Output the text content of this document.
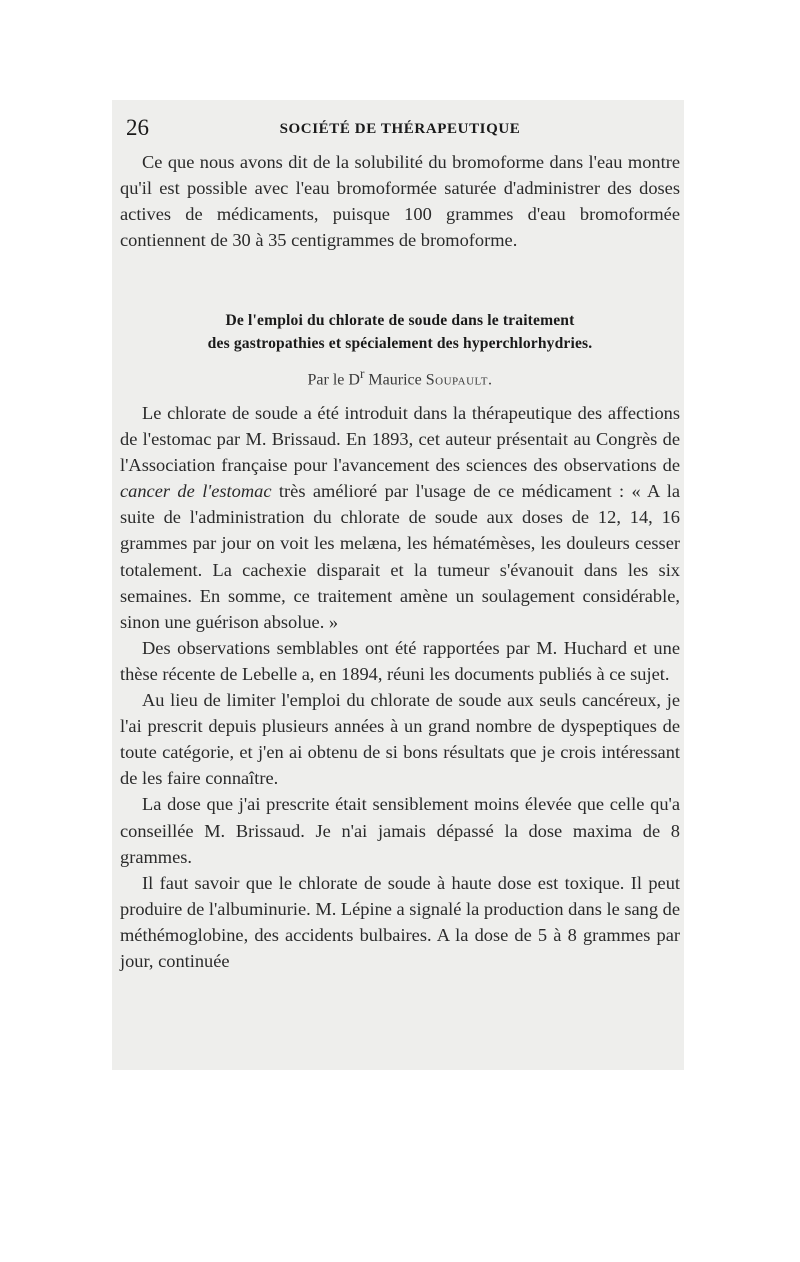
26	SOCIÉTÉ DE THÉRAPEUTIQUE

Ce que nous avons dit de la solubilité du bromoforme dans l'eau montre qu'il est possible avec l'eau bromoformée saturée d'administrer des doses actives de médicaments, puisque 100 grammes d'eau bromoformée contiennent de 30 à 35 centigrammes de bromoforme.

De l'emploi du chlorate de soude dans le traitement
des gastropathies et spécialement des hyperchlorhydries.
Par le $D^r$ Maurice Soupault.

Le chlorate de soude a été introduit dans la thérapeutique des affections de l'estomac par M. Brissaud. En 1893, cet auteur présentait au Congrès de l'Association française pour l'avancement des sciences des observations de cancer de l'estomac très amélioré par l'usage de ce médicament : « A la suite de l'administration du chlorate de soude aux doses de 12, 14, 16 grammes par jour on voit les melæna, les hématémèses, les douleurs cesser totalement. La cachexie disparait et la tumeur s'évanouit dans les six semaines. En somme, ce traitement amène un soulagement considérable, sinon une guérison absolue. »

Des observations semblables ont été rapportées par M. Huchard et une thèse récente de Lebelle a, en 1894, réuni les documents publiés à ce sujet.

Au lieu de limiter l'emploi du chlorate de soude aux seuls cancéreux, je l'ai prescrit depuis plusieurs années à un grand nombre de dyspeptiques de toute catégorie, et j'en ai obtenu de si bons résultats que je crois intéressant de les faire connaître.

La dose que j'ai prescrite était sensiblement moins élevée que celle qu'a conseillée M. Brissaud. Je n'ai jamais dépassé la dose maxima de 8 grammes.

Il faut savoir que le chlorate de soude à haute dose est toxique. Il peut produire de l'albuminurie. M. Lépine a signalé la production dans le sang de méthémoglobine, des accidents bulbaires. A la dose de 5 à 8 grammes par jour, continuée
